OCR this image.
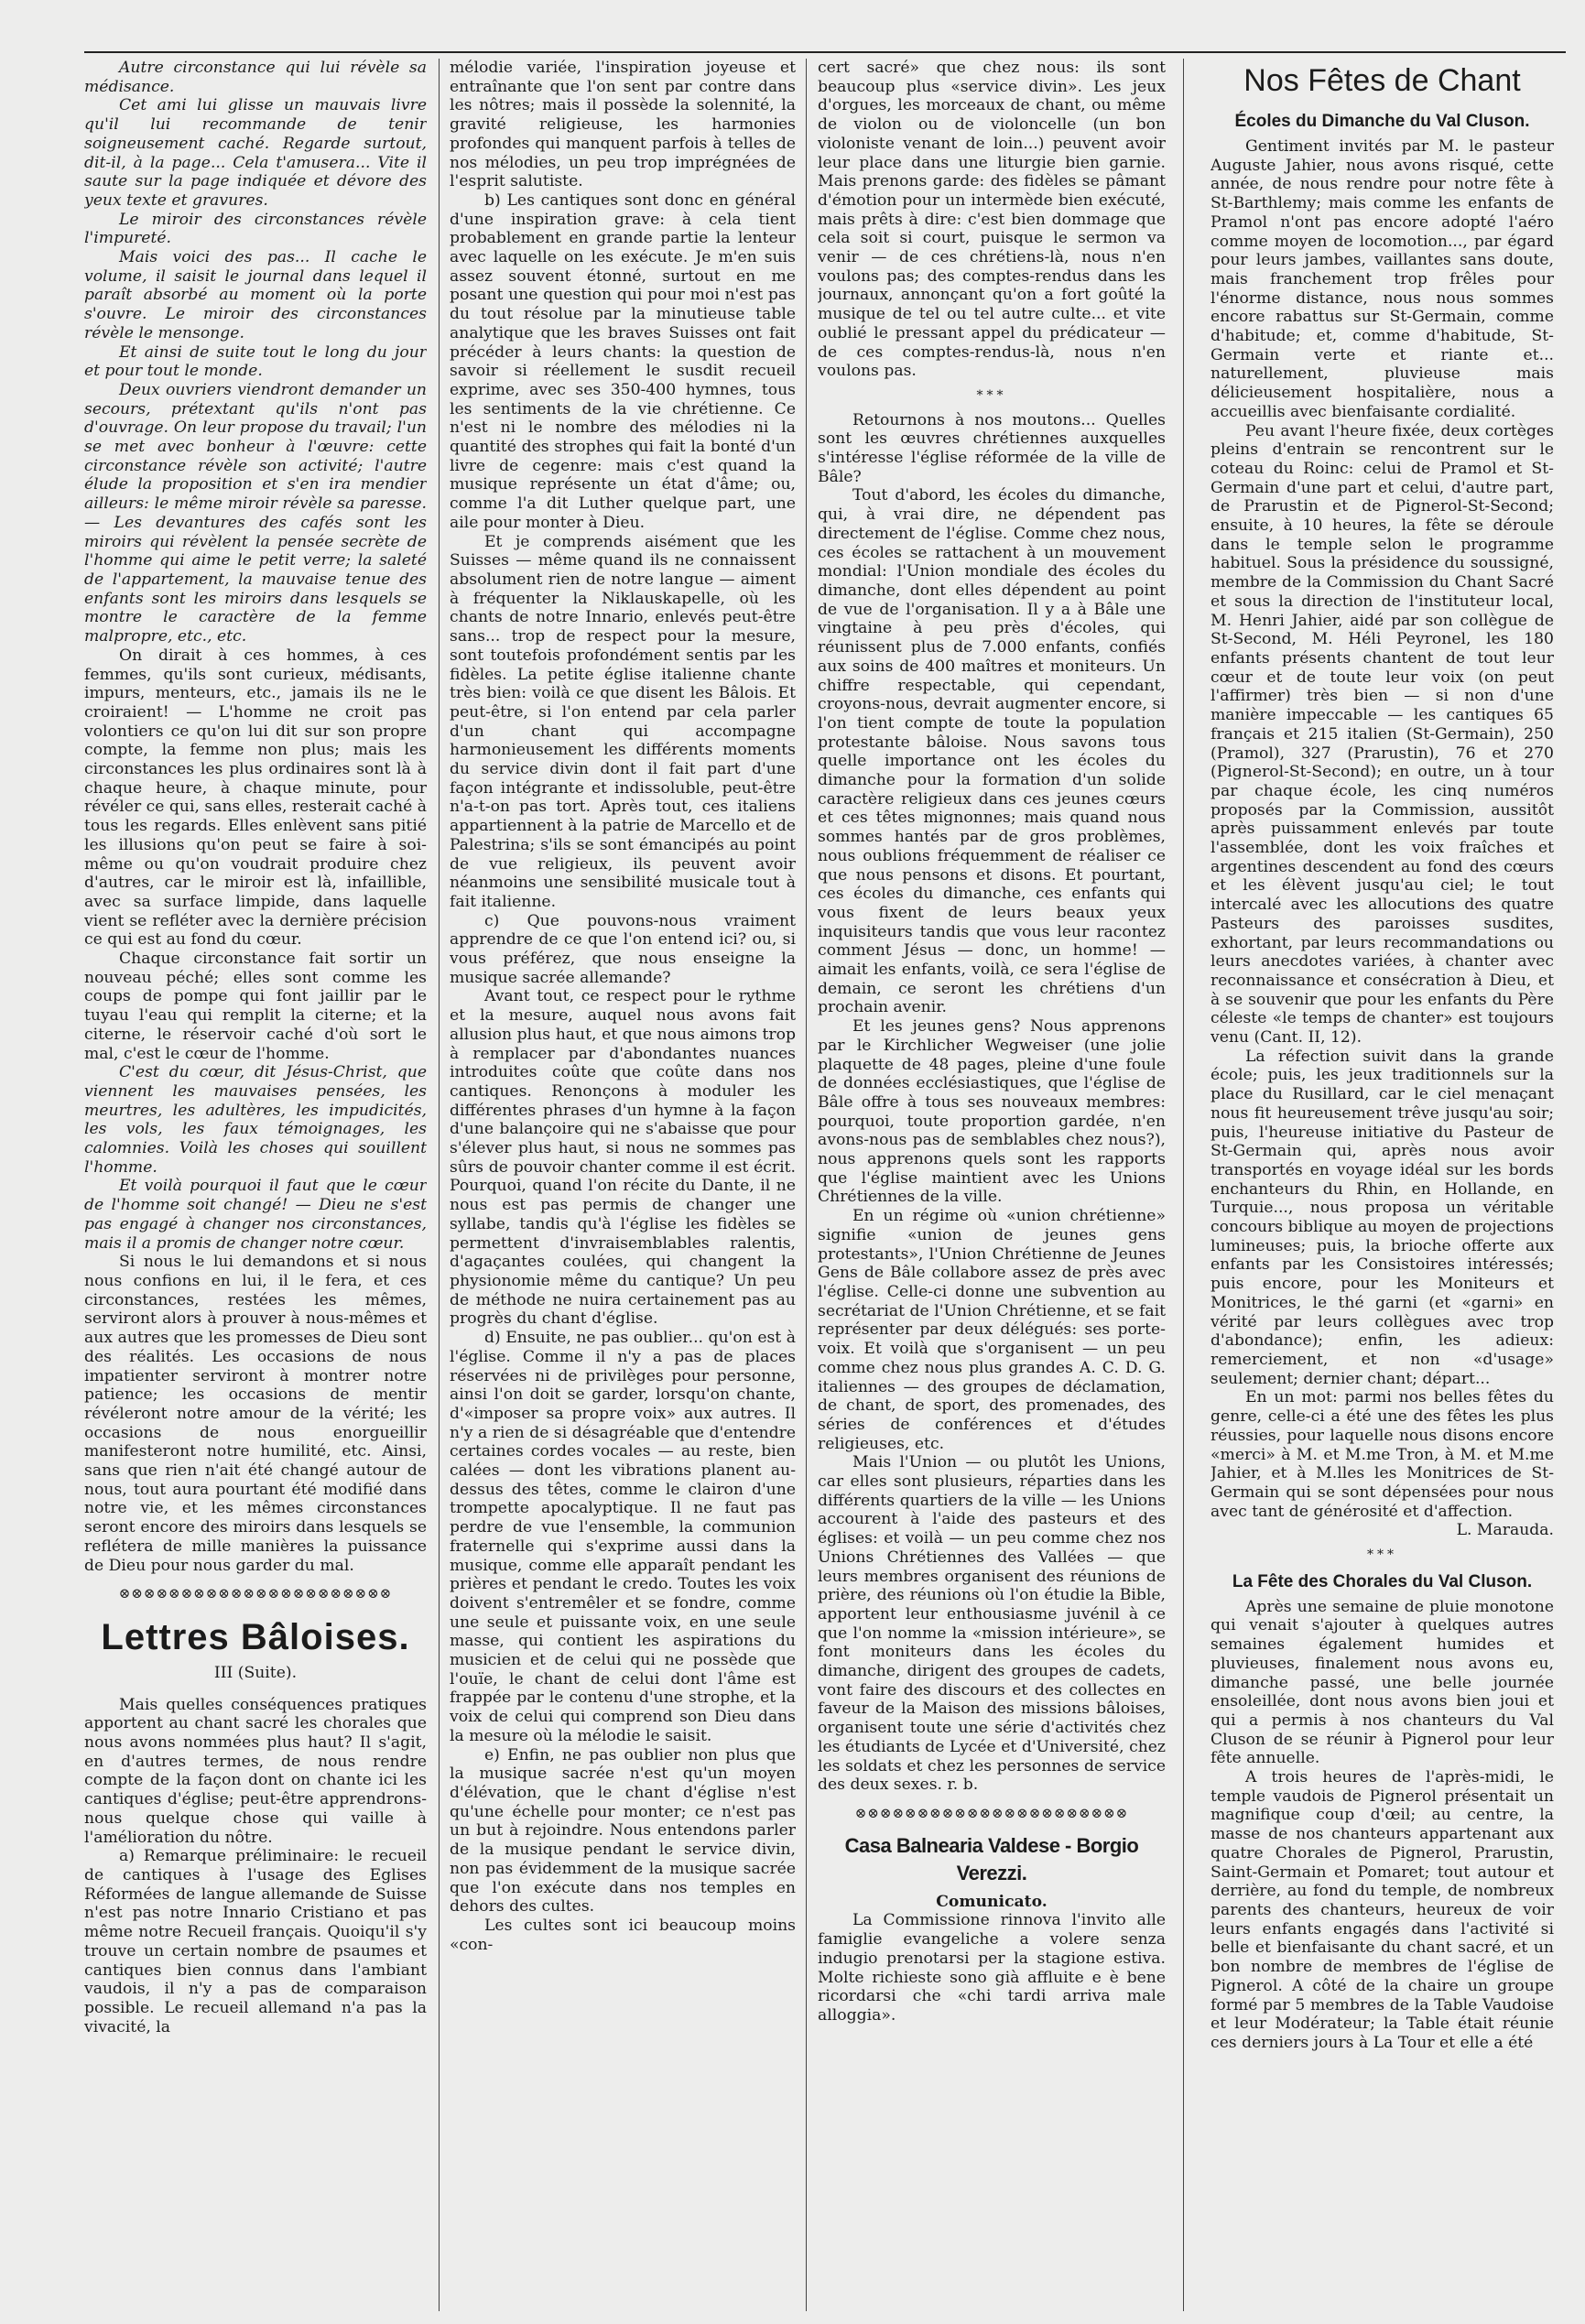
Autre circonstance qui lui révèle sa médisance.

Cet ami lui glisse un mauvais livre qu'il lui recommande de tenir soigneusement caché. Regarde surtout, dit-il, à la page... Cela t'amusera... Vite il saute sur la page indiquée et dévore des yeux texte et gravures.

Le miroir des circonstances révèle l'impureté.

Mais voici des pas... Il cache le volume, il saisit le journal dans lequel il paraît absorbé au moment où la porte s'ouvre. Le miroir des circonstances révèle le mensonge.

Et ainsi de suite tout le long du jour et pour tout le monde.

Deux ouvriers viendront demander un secours, prétextant qu'ils n'ont pas d'ouvrage. On leur propose du travail; l'un se met avec bonheur à l'œuvre: cette circonstance révèle son activité; l'autre élude la proposition et s'en ira mendier ailleurs: le même miroir révèle sa paresse. — Les devantures des cafés sont les miroirs qui révèlent la pensée secrète de l'homme qui aime le petit verre; la saleté de l'appartement, la mauvaise tenue des enfants sont les miroirs dans lesquels se montre le caractère de la femme malpropre, etc., etc.

On dirait à ces hommes, à ces femmes, qu'ils sont curieux, médisants, impurs, menteurs, etc., jamais ils ne le croiraient! — L'homme ne croit pas volontiers ce qu'on lui dit sur son propre compte, la femme non plus; mais les circonstances les plus ordinaires sont là à chaque heure, à chaque minute, pour révéler ce qui, sans elles, resterait caché à tous les regards. Elles enlèvent sans pitié les illusions qu'on peut se faire à soi-même ou qu'on voudrait produire chez d'autres, car le miroir est là, infaillible, avec sa surface limpide, dans laquelle vient se refléter avec la dernière précision ce qui est au fond du cœur.

Chaque circonstance fait sortir un nouveau péché; elles sont comme les coups de pompe qui font jaillir par le tuyau l'eau qui remplit la citerne; et la citerne, le réservoir caché d'où sort le mal, c'est le cœur de l'homme.

C'est du cœur, dit Jésus-Christ, que viennent les mauvaises pensées, les meurtres, les adultères, les impudicités, les vols, les faux témoignages, les calomnies. Voilà les choses qui souillent l'homme.

Et voilà pourquoi il faut que le cœur de l'homme soit changé! — Dieu ne s'est pas engagé à changer nos circonstances, mais il a promis de changer notre cœur.

Si nous le lui demandons et si nous nous confions en lui, il le fera, et ces circonstances, restées les mêmes, serviront alors à prouver à nous-mêmes et aux autres que les promesses de Dieu sont des réalités. Les occasions de nous impatienter serviront à montrer notre patience; les occasions de mentir révéleront notre amour de la vérité; les occasions de nous enorgueillir manifesteront notre humilité, etc. Ainsi, sans que rien n'ait été changé autour de nous, tout aura pourtant été modifié dans notre vie, et les mêmes circonstances seront encore des miroirs dans lesquels se reflétera de mille manières la puissance de Dieu pour nous garder du mal.

⊗⊗⊗⊗⊗⊗⊗⊗⊗⊗⊗⊗⊗⊗⊗⊗⊗⊗⊗⊗⊗⊗

Lettres Bâloises.

III (Suite).

Mais quelles conséquences pratiques apportent au chant sacré les chorales que nous avons nommées plus haut? Il s'agit, en d'autres termes, de nous rendre compte de la façon dont on chante ici les cantiques d'église; peut-être apprendrons-nous quelque chose qui vaille à l'amélioration du nôtre.

a) Remarque préliminaire: le recueil de cantiques à l'usage des Eglises Réformées de langue allemande de Suisse n'est pas notre Innario Cristiano et pas même notre Recueil français. Quoiqu'il s'y trouve un certain nombre de psaumes et cantiques bien connus dans l'ambiant vaudois, il n'y a pas de comparaison possible. Le recueil allemand n'a pas la vivacité, la

mélodie variée, l'inspiration joyeuse et entraînante que l'on sent par contre dans les nôtres; mais il possède la solennité, la gravité religieuse, les harmonies profondes qui manquent parfois à telles de nos mélodies, un peu trop imprégnées de l'esprit salutiste.

b) Les cantiques sont donc en général d'une inspiration grave: à cela tient probablement en grande partie la lenteur avec laquelle on les exécute. Je m'en suis assez souvent étonné, surtout en me posant une question qui pour moi n'est pas du tout résolue par la minutieuse table analytique que les braves Suisses ont fait précéder à leurs chants: la question de savoir si réellement le susdit recueil exprime, avec ses 350-400 hymnes, tous les sentiments de la vie chrétienne. Ce n'est ni le nombre des mélodies ni la quantité des strophes qui fait la bonté d'un livre de cegenre: mais c'est quand la musique représente un état d'âme; ou, comme l'a dit Luther quelque part, une aile pour monter à Dieu.

Et je comprends aisément que les Suisses — même quand ils ne connaissent absolument rien de notre langue — aiment à fréquenter la Niklauskapelle, où les chants de notre Innario, enlevés peut-être sans... trop de respect pour la mesure, sont toutefois profondément sentis par les fidèles. La petite église italienne chante très bien: voilà ce que disent les Bâlois. Et peut-être, si l'on entend par cela parler d'un chant qui accompagne harmonieusement les différents moments du service divin dont il fait part d'une façon intégrante et indissoluble, peut-être n'a-t-on pas tort. Après tout, ces italiens appartiennent à la patrie de Marcello et de Palestrina; s'ils se sont émancipés au point de vue religieux, ils peuvent avoir néanmoins une sensibilité musicale tout à fait italienne.

c) Que pouvons-nous vraiment apprendre de ce que l'on entend ici? ou, si vous préférez, que nous enseigne la musique sacrée allemande?

Avant tout, ce respect pour le rythme et la mesure, auquel nous avons fait allusion plus haut, et que nous aimons trop à remplacer par d'abondantes nuances introduites coûte que coûte dans nos cantiques. Renonçons à moduler les différentes phrases d'un hymne à la façon d'une balançoire qui ne s'abaisse que pour s'élever plus haut, si nous ne sommes pas sûrs de pouvoir chanter comme il est écrit. Pourquoi, quand l'on récite du Dante, il ne nous est pas permis de changer une syllabe, tandis qu'à l'église les fidèles se permettent d'invraisemblables ralentis, d'agaçantes coulées, qui changent la physionomie même du cantique? Un peu de méthode ne nuira certainement pas au progrès du chant d'église.

d) Ensuite, ne pas oublier... qu'on est à l'église. Comme il n'y a pas de places réservées ni de privilèges pour personne, ainsi l'on doit se garder, lorsqu'on chante, d'«imposer sa propre voix» aux autres. Il n'y a rien de si désagréable que d'entendre certaines cordes vocales — au reste, bien calées — dont les vibrations planent au-dessus des têtes, comme le clairon d'une trompette apocalyptique. Il ne faut pas perdre de vue l'ensemble, la communion fraternelle qui s'exprime aussi dans la musique, comme elle apparaît pendant les prières et pendant le credo. Toutes les voix doivent s'entremêler et se fondre, comme une seule et puissante voix, en une seule masse, qui contient les aspirations du musicien et de celui qui ne possède que l'ouïe, le chant de celui dont l'âme est frappée par le contenu d'une strophe, et la voix de celui qui comprend son Dieu dans la mesure où la mélodie le saisit.

e) Enfin, ne pas oublier non plus que la musique sacrée n'est qu'un moyen d'élévation, que le chant d'église n'est qu'une échelle pour monter; ce n'est pas un but à rejoindre. Nous entendons parler de la musique pendant le service divin, non pas évidemment de la musique sacrée que l'on exécute dans nos temples en dehors des cultes.

Les cultes sont ici beaucoup moins «con-

cert sacré» que chez nous: ils sont beaucoup plus «service divin». Les jeux d'orgues, les morceaux de chant, ou même de violon ou de violoncelle (un bon violoniste venant de loin...) peuvent avoir leur place dans une liturgie bien garnie. Mais prenons garde: des fidèles se pâmant d'émotion pour un intermède bien exécuté, mais prêts à dire: c'est bien dommage que cela soit si court, puisque le sermon va venir — de ces chrétiens-là, nous n'en voulons pas; des comptes-rendus dans les journaux, annonçant qu'on a fort goûté la musique de tel ou tel autre culte... et vite oublié le pressant appel du prédicateur — de ces comptes-rendus-là, nous n'en voulons pas.

***

Retournons à nos moutons... Quelles sont les œuvres chrétiennes auxquelles s'intéresse l'église réformée de la ville de Bâle?

Tout d'abord, les écoles du dimanche, qui, à vrai dire, ne dépendent pas directement de l'église. Comme chez nous, ces écoles se rattachent à un mouvement mondial: l'Union mondiale des écoles du dimanche, dont elles dépendent au point de vue de l'organisation. Il y a à Bâle une vingtaine à peu près d'écoles, qui réunissent plus de 7.000 enfants, confiés aux soins de 400 maîtres et moniteurs. Un chiffre respectable, qui cependant, croyons-nous, devrait augmenter encore, si l'on tient compte de toute la population protestante bâloise. Nous savons tous quelle importance ont les écoles du dimanche pour la formation d'un solide caractère religieux dans ces jeunes cœurs et ces têtes mignonnes; mais quand nous sommes hantés par de gros problèmes, nous oublions fréquemment de réaliser ce que nous pensons et disons. Et pourtant, ces écoles du dimanche, ces enfants qui vous fixent de leurs beaux yeux inquisiteurs tandis que vous leur racontez comment Jésus — donc, un homme! — aimait les enfants, voilà, ce sera l'église de demain, ce seront les chrétiens d'un prochain avenir.

Et les jeunes gens? Nous apprenons par le Kirchlicher Wegweiser (une jolie plaquette de 48 pages, pleine d'une foule de données ecclésiastiques, que l'église de Bâle offre à tous ses nouveaux membres: pourquoi, toute proportion gardée, n'en avons-nous pas de semblables chez nous?), nous apprenons quels sont les rapports que l'église maintient avec les Unions Chrétiennes de la ville.

En un régime où «union chrétienne» signifie «union de jeunes gens protestants», l'Union Chrétienne de Jeunes Gens de Bâle collabore assez de près avec l'église. Celle-ci donne une subvention au secrétariat de l'Union Chrétienne, et se fait représenter par deux délégués: ses porte-voix. Et voilà que s'organisent — un peu comme chez nous plus grandes A. C. D. G. italiennes — des groupes de déclamation, de chant, de sport, des promenades, des séries de conférences et d'études religieuses, etc.

Mais l'Union — ou plutôt les Unions, car elles sont plusieurs, réparties dans les différents quartiers de la ville — les Unions accourent à l'aide des pasteurs et des églises: et voilà — un peu comme chez nos Unions Chrétiennes des Vallées — que leurs membres organisent des réunions de prière, des réunions où l'on étudie la Bible, apportent leur enthousiasme juvénil à ce que l'on nomme la «mission intérieure», se font moniteurs dans les écoles du dimanche, dirigent des groupes de cadets, vont faire des discours et des collectes en faveur de la Maison des missions bâloises, organisent toute une série d'activités chez les étudiants de Lycée et d'Université, chez les soldats et chez les personnes de service des deux sexes. r. b.

⊗⊗⊗⊗⊗⊗⊗⊗⊗⊗⊗⊗⊗⊗⊗⊗⊗⊗⊗⊗⊗⊗

Casa Balnearia Valdese - Borgio Verezzi.

Comunicato.

La Commissione rinnova l'invito alle famiglie evangeliche a volere senza indugio prenotarsi per la stagione estiva. Molte richieste sono già affluite e è bene ricordarsi che «chi tardi arriva male alloggia».

Nos Fêtes de Chant
Écoles du Dimanche du Val Cluson.

Gentiment invités par M. le pasteur Auguste Jahier, nous avons risqué, cette année, de nous rendre pour notre fête à St-Barthlemy; mais comme les enfants de Pramol n'ont pas encore adopté l'aéro comme moyen de locomotion..., par égard pour leurs jambes, vaillantes sans doute, mais franchement trop frêles pour l'énorme distance, nous nous sommes encore rabattus sur St-Germain, comme d'habitude; et, comme d'habitude, St-Germain verte et riante et... naturellement, pluvieuse mais délicieusement hospitalière, nous a accueillis avec bienfaisante cordialité.

Peu avant l'heure fixée, deux cortèges pleins d'entrain se rencontrent sur le coteau du Roinc: celui de Pramol et St-Germain d'une part et celui, d'autre part, de Prarustin et de Pignerol-St-Second; ensuite, à 10 heures, la fête se déroule dans le temple selon le programme habituel. Sous la présidence du soussigné, membre de la Commission du Chant Sacré et sous la direction de l'instituteur local, M. Henri Jahier, aidé par son collègue de St-Second, M. Héli Peyronel, les 180 enfants présents chantent de tout leur cœur et de toute leur voix (on peut l'affirmer) très bien — si non d'une manière impeccable — les cantiques 65 français et 215 italien (St-Germain), 250 (Pramol), 327 (Prarustin), 76 et 270 (Pignerol-St-Second); en outre, un à tour par chaque école, les cinq numéros proposés par la Commission, aussitôt après puissamment enlevés par toute l'assemblée, dont les voix fraîches et argentines descendent au fond des cœurs et les élèvent jusqu'au ciel; le tout intercalé avec les allocutions des quatre Pasteurs des paroisses susdites, exhortant, par leurs recommandations ou leurs anecdotes variées, à chanter avec reconnaissance et consécration à Dieu, et à se souvenir que pour les enfants du Père céleste «le temps de chanter» est toujours venu (Cant. II, 12).

La réfection suivit dans la grande école; puis, les jeux traditionnels sur la place du Rusillard, car le ciel menaçant nous fit heureusement trêve jusqu'au soir; puis, l'heureuse initiative du Pasteur de St-Germain qui, après nous avoir transportés en voyage idéal sur les bords enchanteurs du Rhin, en Hollande, en Turquie..., nous proposa un véritable concours biblique au moyen de projections lumineuses; puis, la brioche offerte aux enfants par les Consistoires intéressés; puis encore, pour les Moniteurs et Monitrices, le thé garni (et «garni» en vérité par leurs collègues avec trop d'abondance); enfin, les adieux: remerciement, et non «d'usage» seulement; dernier chant; départ...

En un mot: parmi nos belles fêtes du genre, celle-ci a été une des fêtes les plus réussies, pour laquelle nous disons encore «merci» à M. et M.me Tron, à M. et M.me Jahier, et à M.lles les Monitrices de St-Germain qui se sont dépensées pour nous avec tant de générosité et d'affection.

L. Marauda.

***

La Fête des Chorales du Val Cluson.

Après une semaine de pluie monotone qui venait s'ajouter à quelques autres semaines également humides et pluvieuses, finalement nous avons eu, dimanche passé, une belle journée ensoleillée, dont nous avons bien joui et qui a permis à nos chanteurs du Val Cluson de se réunir à Pignerol pour leur fête annuelle.

A trois heures de l'après-midi, le temple vaudois de Pignerol présentait un magnifique coup d'œil; au centre, la masse de nos chanteurs appartenant aux quatre Chorales de Pignerol, Prarustin, Saint-Germain et Pomaret; tout autour et derrière, au fond du temple, de nombreux parents des chanteurs, heureux de voir leurs enfants engagés dans l'activité si belle et bienfaisante du chant sacré, et un bon nombre de membres de l'église de Pignerol. A côté de la chaire un groupe formé par 5 membres de la Table Vaudoise et leur Modérateur; la Table était réunie ces derniers jours à La Tour et elle a été
